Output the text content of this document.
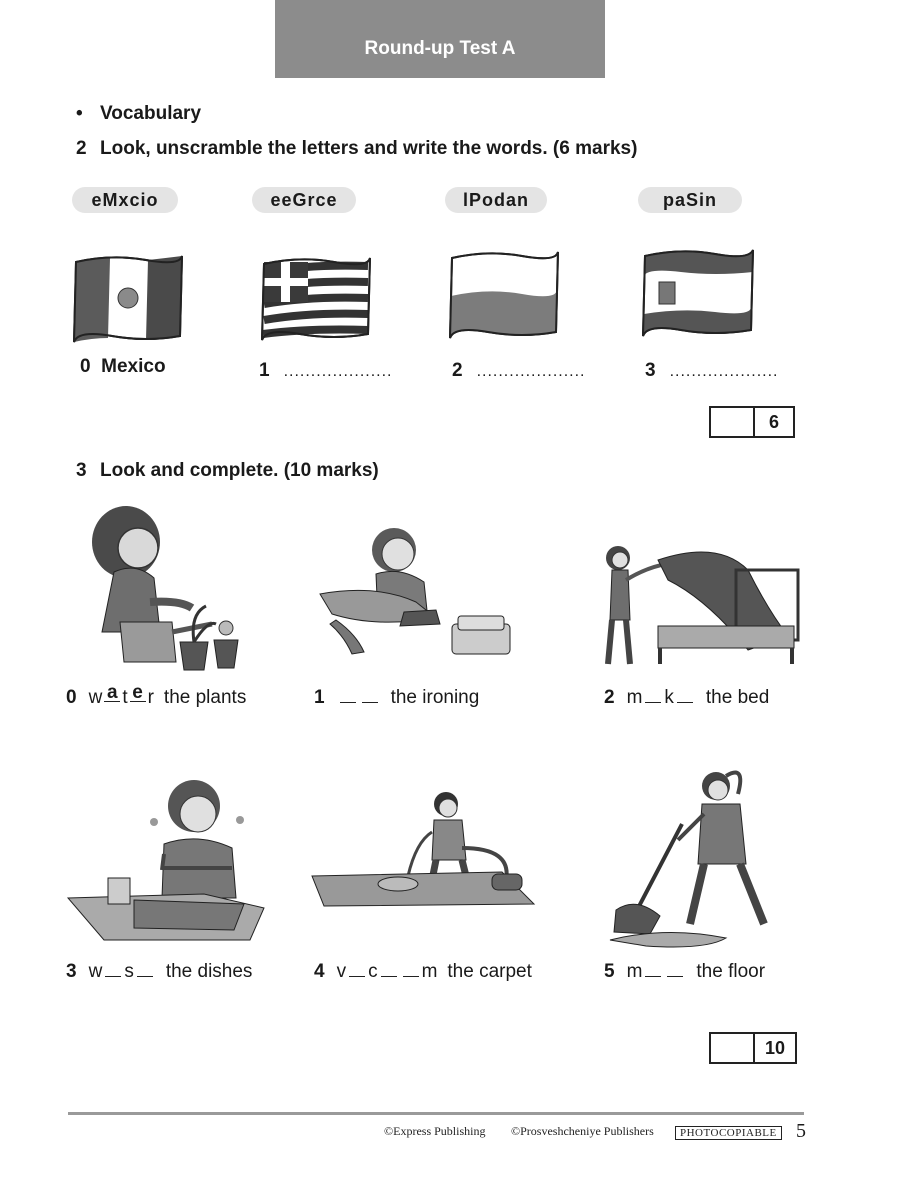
Round-up Test A
• Vocabulary
2 Look, unscramble the letters and write the words. (6 marks)
eMxcio	eeGrce	lPodan	paSin
0 Mexico	1 ....................	2 ....................	3 ....................
6
3 Look and complete. (10 marks)
0 w a t e r the plants	1	the ironing	2 m k the bed
3 w s the dishes	4 v c m the carpet	5 m	the floor
10
©Express Publishing ©Prosveshcheniye Publishers	PHOTOCOPIABLE 5
